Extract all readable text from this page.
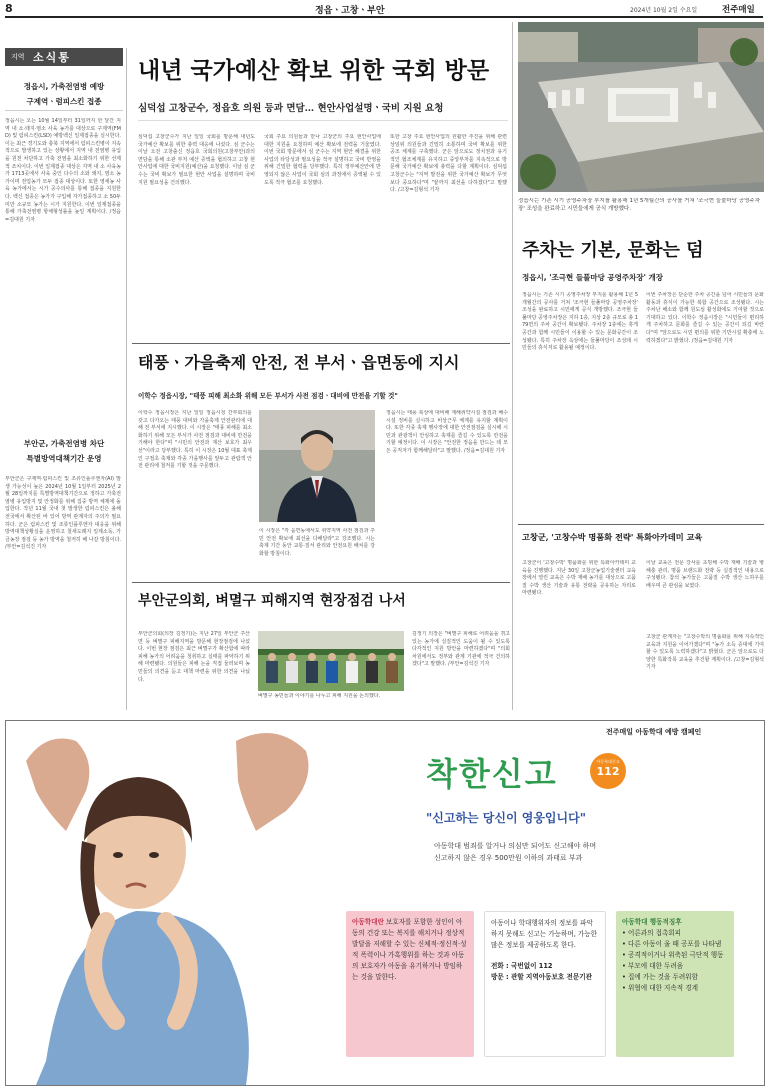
8	정읍ㆍ고창ㆍ부안	2024년 10월 2일 수요일	전주매일
지역 소식통
정읍시, 가축전염병 예방
구제역ㆍ럼피스킨 접종
정읍시는 오는 10월 14일부터 31일까지 한 달간 지역 내 소·돼지·염소 사육 농가를 대상으로 구제역(FMD) 및 럼피스킨(LSD) 예방백신 일제접종을 실시한다. 이는 최근 경기도와 충북 지역에서 럼피스킨병이 지속적으로 발생하고 있는 상황에서 지역 내 전염병 유입을 원천 차단하고 가축 전염을 최소화하기 위한 선제적 조치이다. 이번 일제접종 대상은 지역 내 소 사육농가 1713곳에서 사육 중인 다수의 소와 돼지, 염소 농가이며 전업농가 모두 접종 대상이다. 또한 영세농 사육 농가에서는 시가 공수의사를 통해 접종을 지원한다. 백신 접종은 농가가 구입해 자가접종하고 소 50두 미만 소규모 농가는 시가 지원한다. 이번 일제접종을 통해 가축전염병 항체형성률을 높일 계획이다. /정읍=김대원 기자
부안군, 가축전염병 차단
특별방역대책기간 운영
부안군은 구제역·럼피스킨 및 조류인플루엔자(AI) 발생 가능성이 높은 2024년 10월 1일부터 2025년 2월 28일까지를 특별방역대책기간으로 정하고 가축전염병 유입방지 및 안정화를 위해 집중 방역 체제에 돌입한다. 작년 11월 국내 첫 발생한 럼피스킨은 올해 전국에서 확산된 바 있어 방역 관계자의 주의가 필요하다. 군은 럼피스킨 및 조류인플루엔자 대응을 위해 방역대책상황실을 운영하고 철새도래지 일제소독, 가금농장 점검 등 농가 방역을 철저히 해 나갈 방침이다. /부안=김석진 기자
내년 국가예산 확보 위한 국회 방문
심덕섭 고창군수, 정읍호 의원 등과 면담… 현안사업설명ㆍ국비 지원 요청
심덕섭 고창군수가 지난 일일 국회를 방문해 내년도 국가예산 확보를 위한 총력 대응에 나섰다. 심 군수는 이날 오전 고창출신 정읍호 국회의원(고창부안)과의 면담을 통해 소관 부처 예산 증액을 협의하고 고창 현안사업에 대한 국비지원(예산)을 요청했다. 이날 심 군수는 국비 확보가 필요한 현안 사업을 설명하며 국비 지원 필요성을 건의했다.
국회 주요 의원들과 만나 고창군의 주요 현안사업에 대한 지원을 요청하며 예산 확보에 전력을 기울였다. 이번 국회 방문에서 심 군수는 지역 현안 해결을 위한 사업의 타당성과 필요성을 적극 설명하고 국비 반영을 위해 긴밀한 협력을 당부했다. 특히 정부예산안에 반영되지 않은 사업이 국회 심의 과정에서 증액될 수 있도록 적극 협조를 요청했다.
또한 고창 주요 현안사업의 원활한 추진을 위해 관련 상임위 의원들과 긴밀히 소통하며 국비 확보를 위한 공조 체계를 구축했다. 군은 앞으로도 정치권과 유기적인 협조체계를 유지하고 중앙부처를 지속적으로 방문해 국가예산 확보에 총력을 다할 계획이다. 심덕섭 고창군수는 "지역 발전을 위한 국가예산 확보가 무엇보다 중요하다"며 "끝까지 최선을 다하겠다"고 말했다. /고창=김형석 기자
태풍ㆍ가을축제 안전, 전 부서ㆍ읍면동에 지시
이학수 정읍시장, "태풍 피해 최소화 위해 모든 부서가 사전 점검ㆍ대비에 만전을 기할 것"
이학수 정읍시장은 지난 일일 정읍시청 간부회의를 갖고 다가오는 태풍 대비와 가을축제 안전관리에 대해 전 부서에 지시했다. 이 시장은 "태풍 피해를 최소화하기 위해 모든 부서가 사전 점검과 대비에 만전을 기해야 한다"며 "시민의 안전과 재산 보호가 최우선"이라고 당부했다. 특히 이 시장은 10월 대표 축제인 구절초 축제와 각종 가을행사를 앞두고 관람객 안전 관리에 철저를 기할 것을 주문했다.
이 시장은 "각 읍면동에서도 취약지역 사전 점검과 주민 안전 확보에 최선을 다해달라"고 강조했다. 시는 축제 기간 동안 교통·질서 관리와 안전요원 배치를 강화할 방침이다.
정읍시는 태풍 북상에 대비해 재해취약시설 점검과 배수시설 정비를 실시하고 비상근무 체계를 유지할 계획이다. 또한 각종 축제 행사장에 대한 안전점검을 실시해 시민과 관광객이 안심하고 축제를 즐길 수 있도록 만전을 기할 예정이다. 이 시장은 "안전한 정읍을 만드는 데 모든 공직자가 함께해달라"고 말했다. /정읍=김대원 기자
부안군의회, 벼멸구 피해지역 현장점검 나서
부안군의회(의장 김정기)는 지난 27일 부안군 주산면 등 벼멸구 피해지역을 방문해 현장점검에 나섰다. 이번 현장 점검은 최근 벼멸구가 확산함에 따라 피해 농가의 어려움을 청취하고 실태를 파악하기 위해 마련됐다. 의원들은 피해 논을 직접 둘러보며 농민들의 의견을 듣고 대책 마련을 위한 의견을 나눴다.
벼멸구 농민들과 이야기를 나누고 피해 지원을 논의했다.
김정기 의장은 "벼멸구 피해로 어려움을 겪고 있는 농가에 실질적인 도움이 될 수 있도록 다각적인 지원 방안을 마련하겠다"며 "의회 차원에서도 정부와 관계 기관에 적극 건의하겠다"고 말했다. /부안=김석진 기자
정읍시는 기존 시기 공영주차장 부지를 활용해 1년 5개월간의 공사를 거쳐 '조극현 들풀마당 공영주차장' 조성을 완료하고 시민들에게 공식 개방했다.
주차는 기본, 문화는 덤
정읍시, '조극현 들풀마당 공영주차장' 개장
정읍시는 기존 시기 공영주차장 부지를 활용해 1년 5개월간의 공사를 거쳐 '조극현 들풀마당 공영주차장' 조성을 완료하고 시민에게 공식 개방했다. 조극현 들풀마당 공영주차장은 지하 1층, 지상 2층 규모로 총 179면의 주차 공간이 확보됐다. 주차장 1층에는 휴게 공간과 함께 시민들이 이용할 수 있는 문화공간이 조성됐다. 특히 주차장 옥상에는 들풀마당이 조성돼 시민들의 휴식처로 활용될 예정이다.
이번 주차장은 단순한 주차 공간을 넘어 시민들의 문화 활동과 휴식이 가능한 복합 공간으로 조성됐다. 시는 주차난 해소와 함께 원도심 활성화에도 기여할 것으로 기대하고 있다. 이학수 정읍시장은 "시민들이 편리하게 주차하고 문화를 즐길 수 있는 공간이 되길 바란다"며 "앞으로도 시민 편의를 위한 기반시설 확충에 노력하겠다"고 밝혔다. /정읍=김대원 기자
고창군, '고창수박 명품화 전략' 특화아카데미 교육
고창군이 '고창수박' 명품화를 위한 특화아카데미 교육을 진행했다. 지난 30일 고창군농업기술센터 교육장에서 열린 교육은 수박 재배 농가를 대상으로 고품질 수박 생산 기술과 유통 전략을 공유하는 자리로 마련됐다.
이날 교육은 전문 강사를 초빙해 수박 재배 기술과 병해충 관리, 명품 브랜드화 전략 등 실질적인 내용으로 구성됐다. 참석 농가들은 고품질 수박 생산 노하우를 배우며 큰 관심을 보였다.
고창군 관계자는 "고창수박의 명품화를 위해 지속적인 교육과 지원을 이어가겠다"며 "농가 소득 증대에 기여할 수 있도록 노력하겠다"고 밝혔다. 군은 앞으로도 다양한 특화작목 교육을 추진할 계획이다. /고창=김형석 기자
전주매일 아동학대 예방 캠페인
착한신고	아동학대신고
112
"신고하는 당신이 영웅입니다"
아동학대 범죄를 알거나 의심만 되어도 신고해야 하며
신고하지 않은 경우 500만원 이하의 과태료 부과
아동학대란 보호자를 포함한 성인이 아동의 건강 또는 복지를 해치거나 정상적 발달을 저해할 수 있는 신체적·정신적·성적 폭력이나 가혹행위를 하는 것과 아동의 보호자가 아동을 유기하거나 방임하는 것을 말한다.
아동이나 학대행위자의 정보를 파악하지 못해도 신고는 가능하며, 가능한 많은 정보를 제공하도록 한다.
전화 : 국번없이 112
방문 : 관할 지역아동보호 전문기관
아동학대 행동적징후
• 어른과의 접촉회피
• 다른 아동이 울 때 공포를 나타냄
• 공격적이거나 위축된 극단적 행동
• 부모에 대한 두려움
• 집에 가는 것을 두려워함
• 위협에 대한 지속적 경계
